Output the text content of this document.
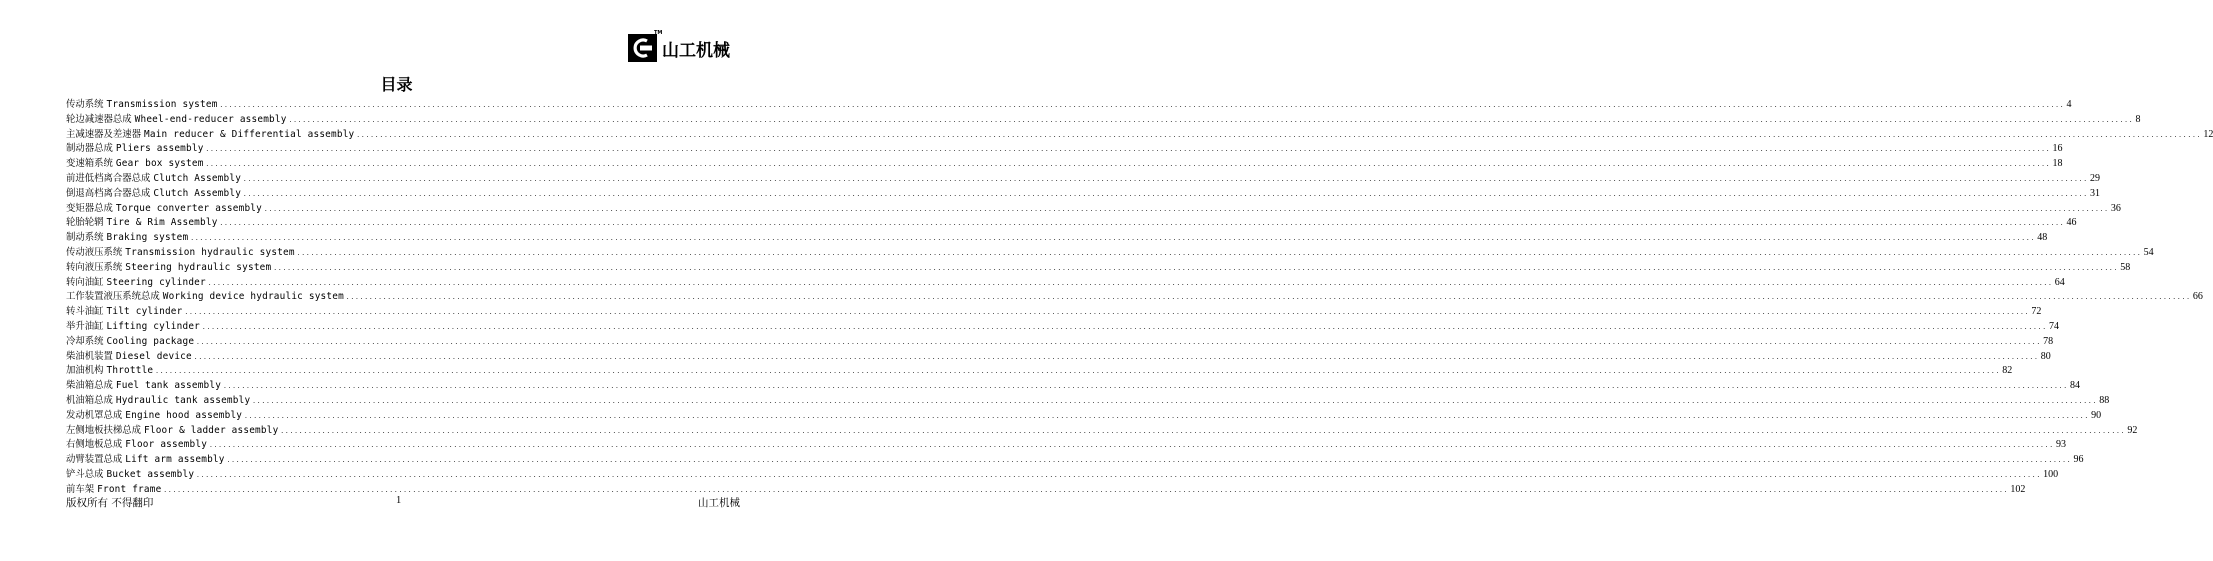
TM
山工机械
目录
传动系统 Transmission system ................................................................................................................................................................................................................................................................................................................................................................................................................ 4
轮边减速器总成 Wheel-end-reducer assembly ................................................................................................................................................................................................................................................................................................................................................................................................................ 8
主减速器及差速器 Main reducer & Differential assembly ................................................................................................................................................................................................................................................................................................................................................................................................................ 12
制动器总成 Pliers assembly ................................................................................................................................................................................................................................................................................................................................................................................................................ 16
变速箱系统 Gear box system ................................................................................................................................................................................................................................................................................................................................................................................................................ 18
前进低档离合器总成 Clutch Assembly ................................................................................................................................................................................................................................................................................................................................................................................................................ 29
倒退高档离合器总成 Clutch Assembly ................................................................................................................................................................................................................................................................................................................................................................................................................ 31
变矩器总成 Torque converter assembly ................................................................................................................................................................................................................................................................................................................................................................................................................ 36
轮胎轮辋 Tire & Rim Assembly ................................................................................................................................................................................................................................................................................................................................................................................................................ 46
制动系统 Braking system ................................................................................................................................................................................................................................................................................................................................................................................................................ 48
传动液压系统 Transmission hydraulic system ................................................................................................................................................................................................................................................................................................................................................................................................................ 54
转向液压系统 Steering hydraulic system ................................................................................................................................................................................................................................................................................................................................................................................................................ 58
转向油缸 Steering cylinder ................................................................................................................................................................................................................................................................................................................................................................................................................ 64
工作装置液压系统总成 Working device hydraulic system ................................................................................................................................................................................................................................................................................................................................................................................................................ 66
转斗油缸 Tilt cylinder ................................................................................................................................................................................................................................................................................................................................................................................................................ 72
举升油缸 Lifting cylinder ................................................................................................................................................................................................................................................................................................................................................................................................................ 74
冷却系统 Cooling package ................................................................................................................................................................................................................................................................................................................................................................................................................ 78
柴油机装置 Diesel device ................................................................................................................................................................................................................................................................................................................................................................................................................ 80
加油机构 Throttle ................................................................................................................................................................................................................................................................................................................................................................................................................ 82
柴油箱总成 Fuel tank assembly ................................................................................................................................................................................................................................................................................................................................................................................................................ 84
机油箱总成 Hydraulic tank assembly ................................................................................................................................................................................................................................................................................................................................................................................................................ 88
发动机罩总成 Engine hood assembly ................................................................................................................................................................................................................................................................................................................................................................................................................ 90
左侧地板扶梯总成 Floor & ladder assembly ................................................................................................................................................................................................................................................................................................................................................................................................................ 92
右侧地板总成 Floor assembly ................................................................................................................................................................................................................................................................................................................................................................................................................ 93
动臂装置总成 Lift arm assembly ................................................................................................................................................................................................................................................................................................................................................................................................................ 96
铲斗总成 Bucket assembly ................................................................................................................................................................................................................................................................................................................................................................................................................ 100
前车架 Front frame ................................................................................................................................................................................................................................................................................................................................................................................................................ 102
版权所有 不得翻印	1	山工机械
